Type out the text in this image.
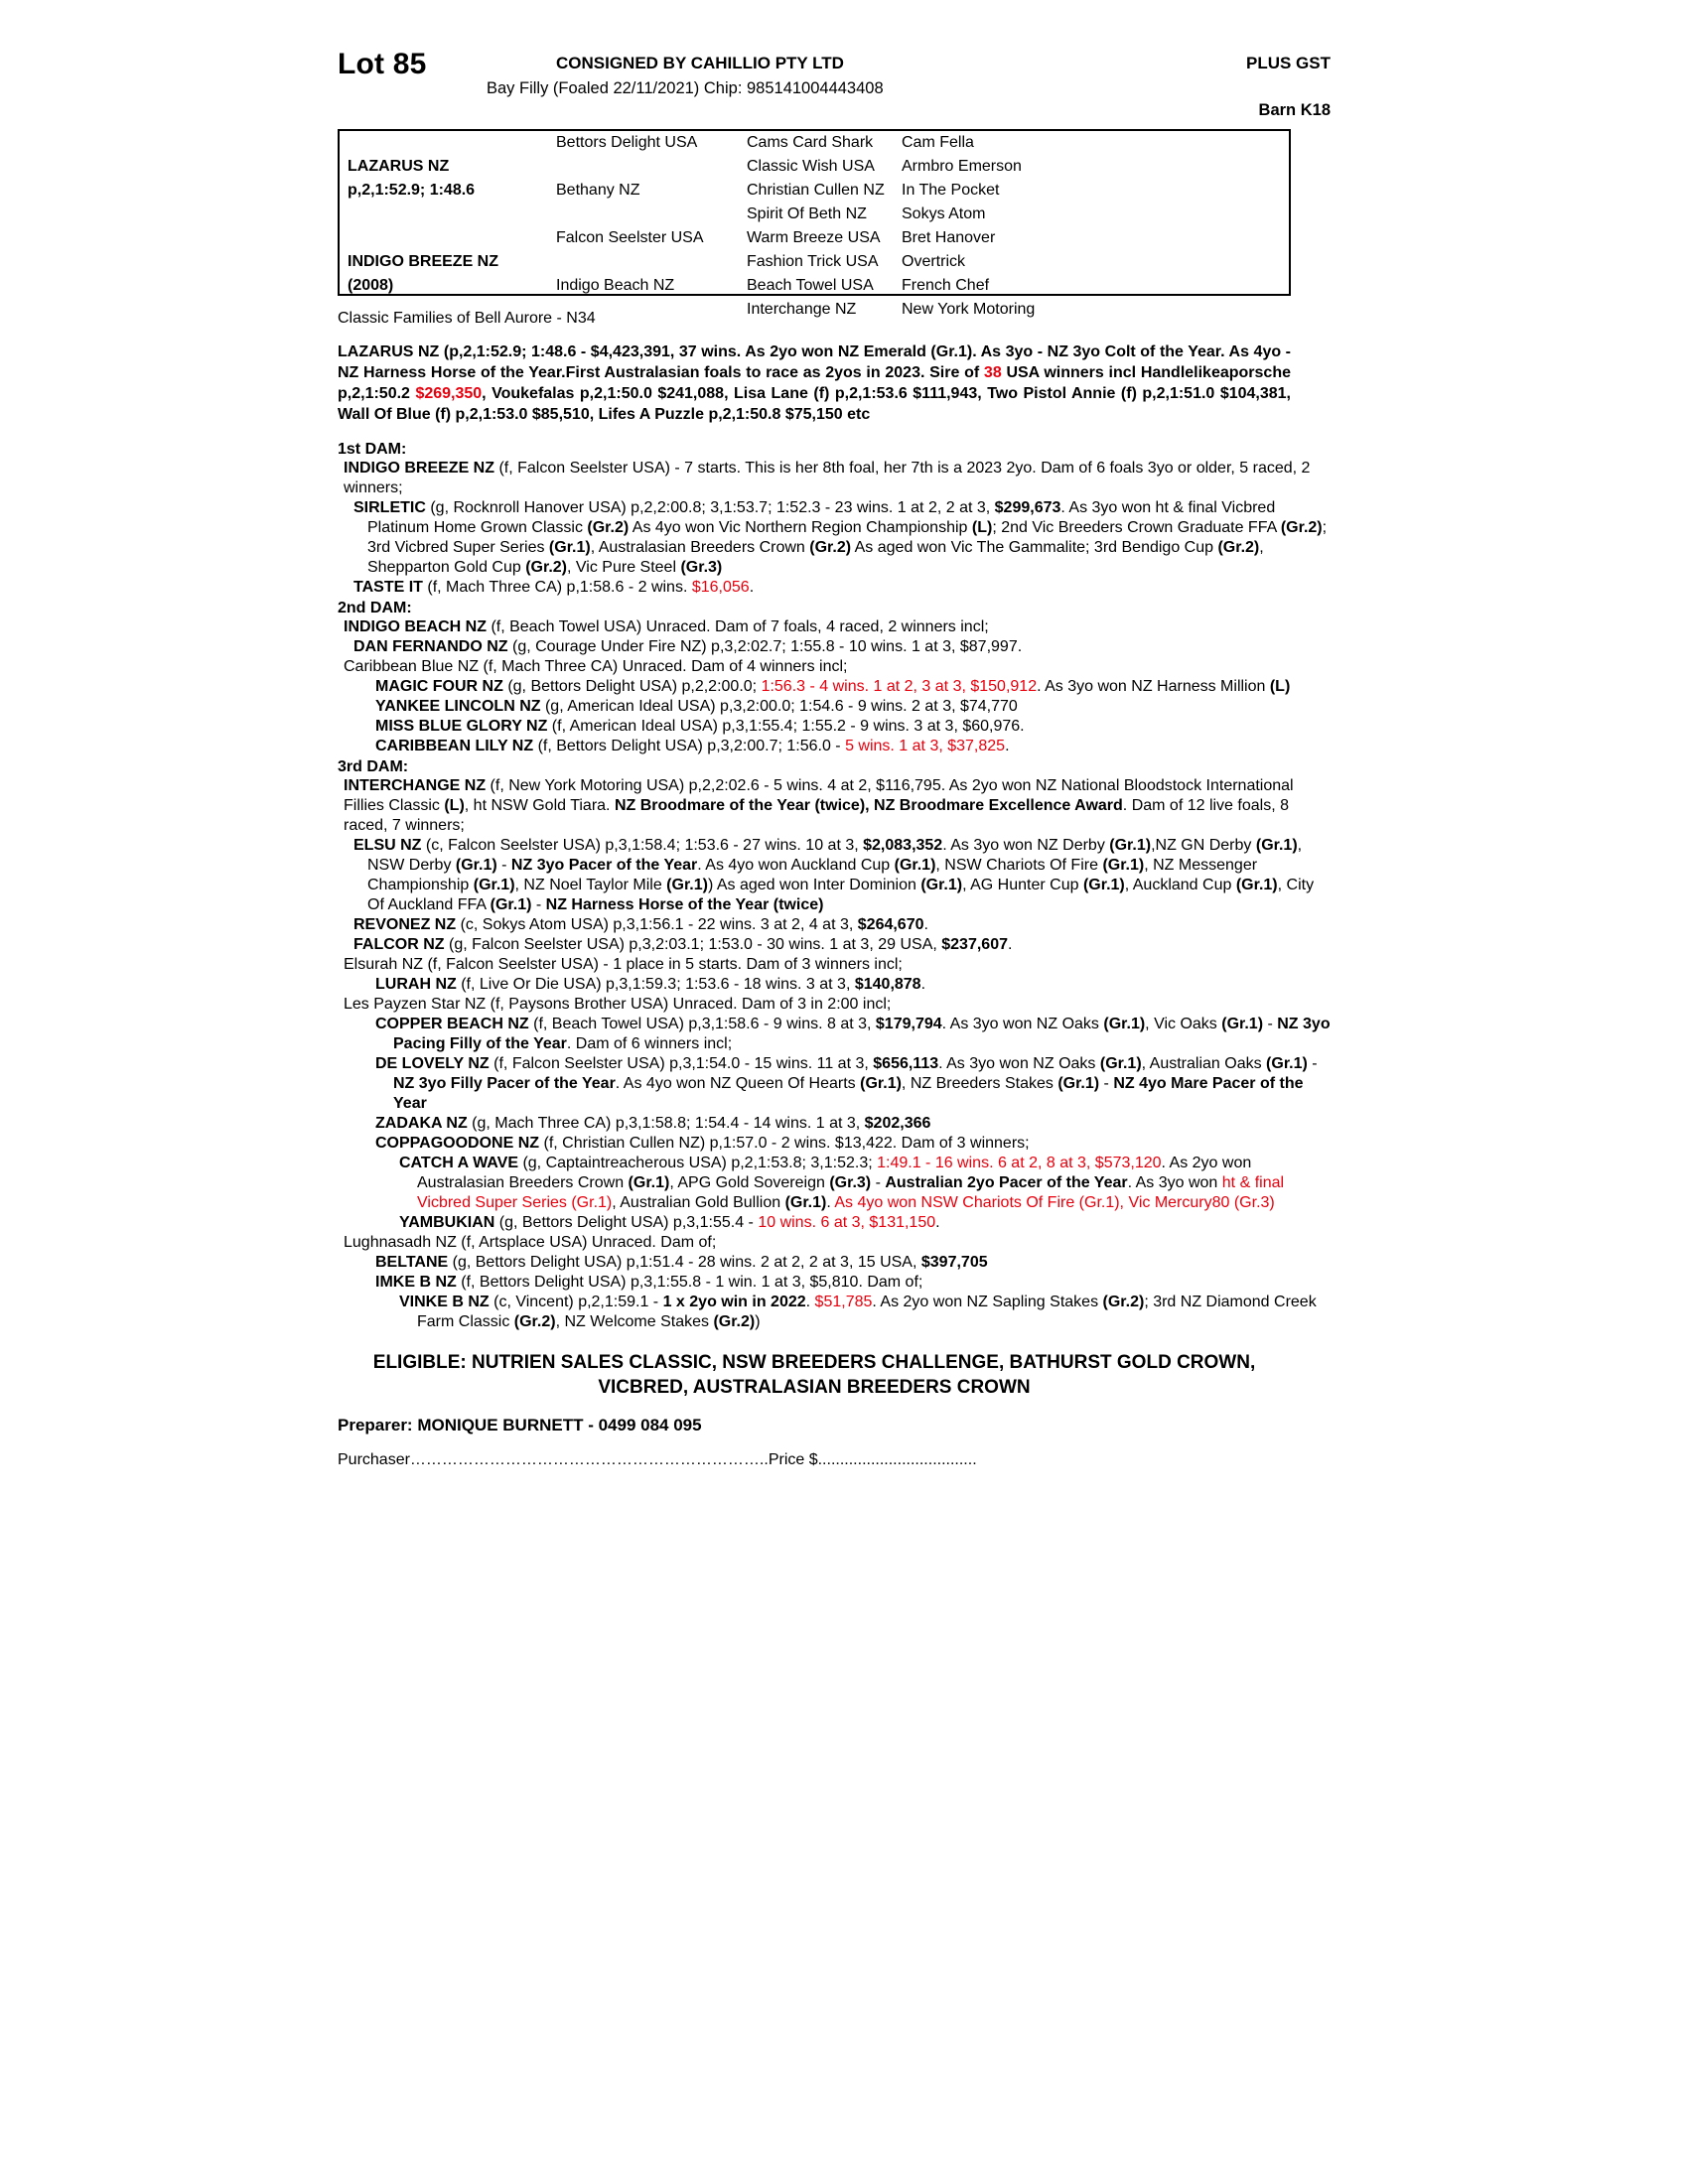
Lot 85	CONSIGNED BY CAHILLIO PTY LTD	PLUS GST
Bay Filly (Foaled 22/11/2021) Chip: 985141004443408
Barn K18
LAZARUS NZ
p,2,1:52.9; 1:48.6
INDIGO BREEZE NZ
(2008)
Bettors Delight USA
Bethany NZ
Falcon Seelster USA
Indigo Beach NZ
Cams Card Shark
Classic Wish USA
Christian Cullen NZ
Spirit Of Beth NZ
Warm Breeze USA
Fashion Trick USA
Beach Towel USA
Interchange NZ
Cam Fella
Armbro Emerson
In The Pocket
Sokys Atom
Bret Hanover
Overtrick
French Chef
New York Motoring
Classic Families of Bell Aurore - N34
LAZARUS NZ (p,2,1:52.9; 1:48.6 - $4,423,391, 37 wins. As 2yo won NZ Emerald (Gr.1). As 3yo - NZ 3yo Colt of the Year. As 4yo - NZ Harness Horse of the Year.First Australasian foals to race as 2yos in 2023. Sire of 38 USA winners incl Handlelikeaporsche p,2,1:50.2 $269,350, Voukefalas p,2,1:50.0 $241,088, Lisa Lane (f) p,2,1:53.6 $111,943, Two Pistol Annie (f) p,2,1:51.0 $104,381, Wall Of Blue (f) p,2,1:53.0 $85,510, Lifes A Puzzle p,2,1:50.8 $75,150 etc
1st DAM:

INDIGO BREEZE NZ (f, Falcon Seelster USA) - 7 starts. This is her 8th foal, her 7th is a 2023 2yo. Dam of 6 foals 3yo or older, 5 raced, 2 winners;

SIRLETIC (g, Rocknroll Hanover USA) p,2,2:00.8; 3,1:53.7; 1:52.3 - 23 wins. 1 at 2, 2 at 3, $299,673. As 3yo won ht & final Vicbred Platinum Home Grown Classic (Gr.2) As 4yo won Vic Northern Region Championship (L); 2nd Vic Breeders Crown Graduate FFA (Gr.2); 3rd Vicbred Super Series (Gr.1), Australasian Breeders Crown (Gr.2) As aged won Vic The Gammalite; 3rd Bendigo Cup (Gr.2), Shepparton Gold Cup (Gr.2), Vic Pure Steel (Gr.3)

TASTE IT (f, Mach Three CA) p,1:58.6 - 2 wins. $16,056.

2nd DAM:

INDIGO BEACH NZ (f, Beach Towel USA) Unraced. Dam of 7 foals, 4 raced, 2 winners incl;

DAN FERNANDO NZ (g, Courage Under Fire NZ) p,3,2:02.7; 1:55.8 - 10 wins. 1 at 3, $87,997.

Caribbean Blue NZ (f, Mach Three CA) Unraced. Dam of 4 winners incl;

MAGIC FOUR NZ (g, Bettors Delight USA) p,2,2:00.0; 1:56.3 - 4 wins. 1 at 2, 3 at 3, $150,912. As 3yo won NZ Harness Million (L)

YANKEE LINCOLN NZ (g, American Ideal USA) p,3,2:00.0; 1:54.6 - 9 wins. 2 at 3, $74,770

MISS BLUE GLORY NZ (f, American Ideal USA) p,3,1:55.4; 1:55.2 - 9 wins. 3 at 3, $60,976.

CARIBBEAN LILY NZ (f, Bettors Delight USA) p,3,2:00.7; 1:56.0 - 5 wins. 1 at 3, $37,825.

3rd DAM:

INTERCHANGE NZ (f, New York Motoring USA) p,2,2:02.6 - 5 wins. 4 at 2, $116,795. As 2yo won NZ National Bloodstock International Fillies Classic (L), ht NSW Gold Tiara. NZ Broodmare of the Year (twice), NZ Broodmare Excellence Award. Dam of 12 live foals, 8 raced, 7 winners;

ELSU NZ (c, Falcon Seelster USA) p,3,1:58.4; 1:53.6 - 27 wins. 10 at 3, $2,083,352. As 3yo won NZ Derby (Gr.1),NZ GN Derby (Gr.1), NSW Derby (Gr.1) - NZ 3yo Pacer of the Year. As 4yo won Auckland Cup (Gr.1), NSW Chariots Of Fire (Gr.1), NZ Messenger Championship (Gr.1), NZ Noel Taylor Mile (Gr.1)) As aged won Inter Dominion (Gr.1), AG Hunter Cup (Gr.1), Auckland Cup (Gr.1), City Of Auckland FFA (Gr.1) - NZ Harness Horse of the Year (twice)

REVONEZ NZ (c, Sokys Atom USA) p,3,1:56.1 - 22 wins. 3 at 2, 4 at 3, $264,670.

FALCOR NZ (g, Falcon Seelster USA) p,3,2:03.1; 1:53.0 - 30 wins. 1 at 3, 29 USA, $237,607.

Elsurah NZ (f, Falcon Seelster USA) - 1 place in 5 starts. Dam of 3 winners incl;

LURAH NZ (f, Live Or Die USA) p,3,1:59.3; 1:53.6 - 18 wins. 3 at 3, $140,878.

Les Payzen Star NZ (f, Paysons Brother USA) Unraced. Dam of 3 in 2:00 incl;

COPPER BEACH NZ (f, Beach Towel USA) p,3,1:58.6 - 9 wins. 8 at 3, $179,794. As 3yo won NZ Oaks (Gr.1), Vic Oaks (Gr.1) - NZ 3yo Pacing Filly of the Year. Dam of 6 winners incl;

DE LOVELY NZ (f, Falcon Seelster USA) p,3,1:54.0 - 15 wins. 11 at 3, $656,113. As 3yo won NZ Oaks (Gr.1), Australian Oaks (Gr.1) - NZ 3yo Filly Pacer of the Year. As 4yo won NZ Queen Of Hearts (Gr.1), NZ Breeders Stakes (Gr.1) - NZ 4yo Mare Pacer of the Year

ZADAKA NZ (g, Mach Three CA) p,3,1:58.8; 1:54.4 - 14 wins. 1 at 3, $202,366

COPPAGOODONE NZ (f, Christian Cullen NZ) p,1:57.0 - 2 wins. $13,422. Dam of 3 winners;

CATCH A WAVE (g, Captaintreacherous USA) p,2,1:53.8; 3,1:52.3; 1:49.1 - 16 wins. 6 at 2, 8 at 3, $573,120. As 2yo won Australasian Breeders Crown (Gr.1), APG Gold Sovereign (Gr.3) - Australian 2yo Pacer of the Year. As 3yo won ht & final Vicbred Super Series (Gr.1), Australian Gold Bullion (Gr.1). As 4yo won NSW Chariots Of Fire (Gr.1), Vic Mercury80 (Gr.3)

YAMBUKIAN (g, Bettors Delight USA) p,3,1:55.4 - 10 wins. 6 at 3, $131,150.

Lughnasadh NZ (f, Artsplace USA) Unraced. Dam of;

BELTANE (g, Bettors Delight USA) p,1:51.4 - 28 wins. 2 at 2, 2 at 3, 15 USA, $397,705

IMKE B NZ (f, Bettors Delight USA) p,3,1:55.8 - 1 win. 1 at 3, $5,810. Dam of;

VINKE B NZ (c, Vincent) p,2,1:59.1 - 1 x 2yo win in 2022. $51,785. As 2yo won NZ Sapling Stakes (Gr.2); 3rd NZ Diamond Creek Farm Classic (Gr.2), NZ Welcome Stakes (Gr.2))

ELIGIBLE: NUTRIEN SALES CLASSIC, NSW BREEDERS CHALLENGE, BATHURST GOLD CROWN, VICBRED, AUSTRALASIAN BREEDERS CROWN
Preparer: MONIQUE BURNETT - 0499 084 095
Purchaser…………………………………………………………..Price $....................................
